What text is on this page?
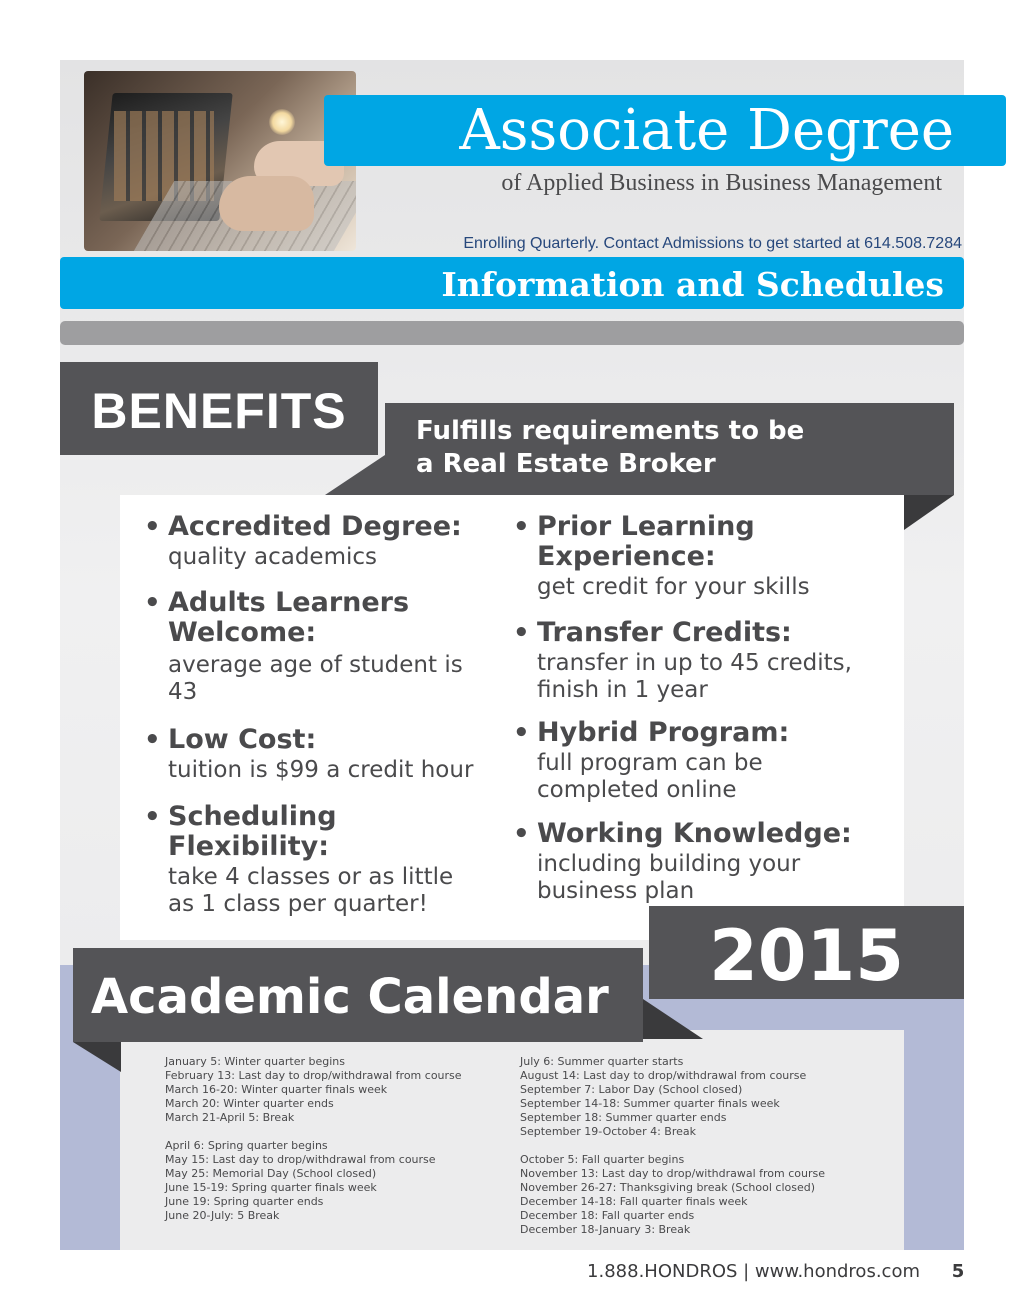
Associate Degree
of Applied Business in Business Management
Enrolling Quarterly. Contact Admissions to get started at 614.508.7284
Information and Schedules
BENEFITS	Fulfills requirements to be
a Real Estate Broker
• Accredited Degree:
quality academics
• Adults Learners Welcome:
average age of student is 43
• Low Cost:
tuition is $99 a credit hour
• Scheduling Flexibility:
take 4 classes or as little as 1 class per quarter!
• Prior Learning Experience:
get credit for your skills
• Transfer Credits:
transfer in up to 45 credits, finish in 1 year
• Hybrid Program:
full program can be completed online
• Working Knowledge:
including building your business plan
2015
Academic Calendar
January 5: Winter quarter begins
February 13: Last day to drop/withdrawal from course
March 16-20: Winter quarter finals week
March 20: Winter quarter ends
March 21-April 5: Break
April 6: Spring quarter begins
May 15: Last day to drop/withdrawal from course
May 25: Memorial Day (School closed)
June 15-19: Spring quarter finals week
June 19: Spring quarter ends
June 20-July: 5 Break
July 6: Summer quarter starts
August 14: Last day to drop/withdrawal from course
September 7: Labor Day (School closed)
September 14-18: Summer quarter finals week
September 18: Summer quarter ends
September 19-October 4: Break
October 5: Fall quarter begins
November 13: Last day to drop/withdrawal from course
November 26-27: Thanksgiving break (School closed)
December 14-18: Fall quarter finals week
December 18: Fall quarter ends
December 18-January 3: Break
1.888.HONDROS | www.hondros.com	5
